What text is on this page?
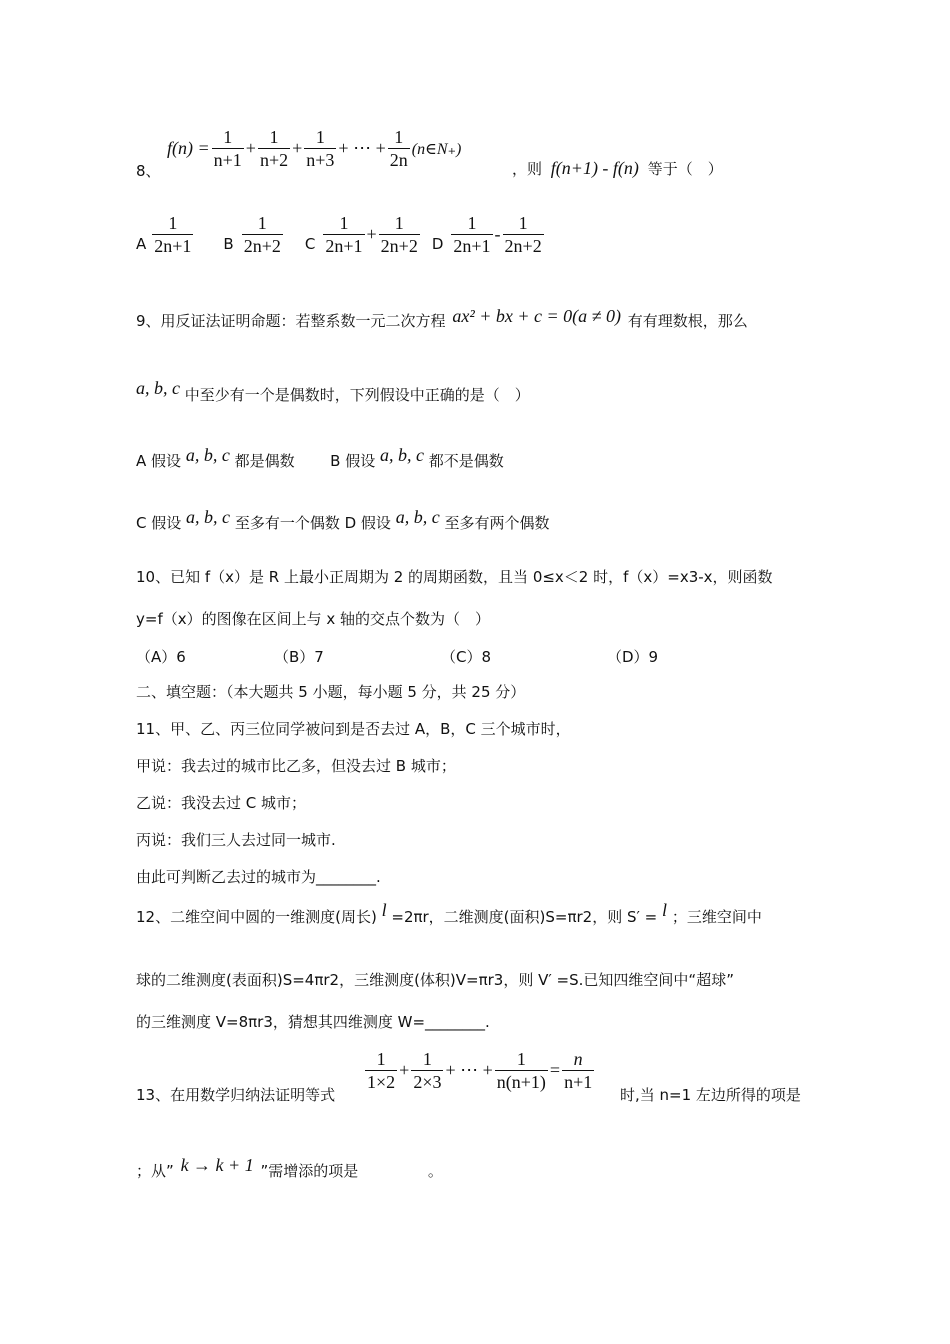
8、
$f(n) = \frac{1}{n+1} + \frac{1}{n+2} + \frac{1}{n+3}$ + ⋯ + $\frac{1}{2n}$ (n∈N₊)
，则 f(n+1) - f(n) 等于（　）
A $\frac{1}{2n+1}$ B $\frac{1}{2n+2}$ C $\frac{1}{2n+1} + \frac{1}{2n+2}$ D $\frac{1}{2n+1} - \frac{1}{2n+2}$
9、用反证法证明命题：若整系数一元二次方程 ax² + bx + c = 0(a ≠ 0) 有有理数根，那么
a, b, c 中至少有一个是偶数时，下列假设中正确的是（　）
A 假设 a, b, c 都是偶数 B 假设 a, b, c 都不是偶数
C 假设 a, b, c 至多有一个偶数 D 假设 a, b, c 至多有两个偶数
10、已知 f（x）是 R 上最小正周期为 2 的周期函数，且当 0≤x＜2 时，f（x）=x3-x，则函数
y=f（x）的图像在区间上与 x 轴的交点个数为（　）
（A）6	（B）7	（C）8	（D）9
二、填空题：（本大题共 5 小题，每小题 5 分，共 25 分）
11、甲、乙、丙三位同学被问到是否去过 A，B，C 三个城市时，
甲说：我去过的城市比乙多，但没去过 B 城市；
乙说：我没去过 C 城市；
丙说：我们三人去过同一城市.
由此可判断乙去过的城市为________.
12、二维空间中圆的一维测度(周长) l =2πr，二维测度(面积)S=πr2，则 S′ = l ；三维空间中
球的二维测度(表面积)S=4πr2，三维测度(体积)V=πr3，则 V′ =S.已知四维空间中“超球”
的三维测度 V=8πr3，猜想其四维测度 W=________.
13、在用数学归纳法证明等式
$\frac{1}{1\times 2} + \frac{1}{2\times 3}$ + ⋯ + $\frac{1}{n(n+1)} = \frac{n}{n+1}$
时,当 n=1 左边所得的项是
；从” k → k + 1 ”需增添的项是	。
